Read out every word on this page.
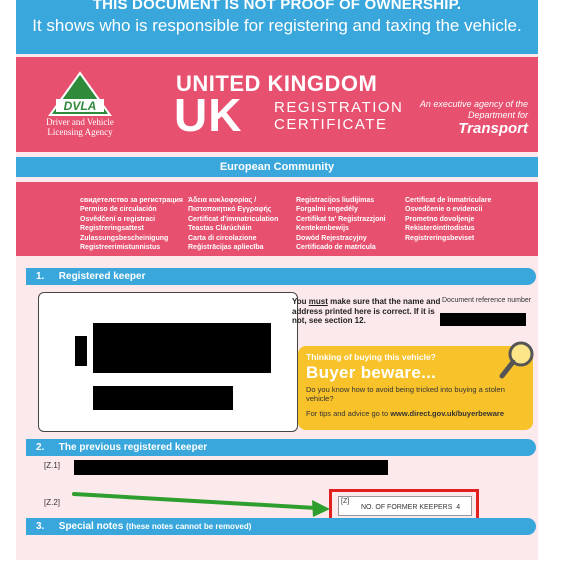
THIS DOCUMENT IS NOT PROOF OF OWNERSHIP.
It shows who is responsible for registering and taxing the vehicle.
DVLA
Driver and Vehicle
Licensing Agency
UNITED KINGDOM
UK REGISTRATION
CERTIFICATE
An executive agency of the
Department for
Transport
European Community
свидетелство за регистрация
Permiso de circulación
Osvědčení o registraci
Registreringsattest
Zulassungsbescheinigung
Registreerimistunnistus
Άδεια κυκλοφορίας /
Πιστοποιητικό Εγγραφής
Certificat d'immatriculation
Teastas Clárúcháin
Carta di circolazione
Reģistrācijas apliecība
Registracijos liudijimas
Forgalmi engedély
Certifikat ta' Reġistrazzjoni
Kentekenbewijs
Dowód Rejestracyjny
Certificado de matrícula
Certificat de înmatriculare
Osvedčenie o evidencii
Prometno dovoljenje
Rekisteröintitodistus
Registreringsbeviset
1. Registered keeper
You must make sure that the name and address printed here is correct. If it is not, see section 12.
Document reference number
Thinking of buying this vehicle?
Buyer beware...
Do you know how to avoid being tricked into buying a stolen vehicle?
For tips and advice go to www.direct.gov.uk/buyerbeware
2. The previous registered keeper
[Z.1]
[Z.2]	[Z]
NO. OF FORMER KEEPERS 4
3. Special notes (these notes cannot be removed)
